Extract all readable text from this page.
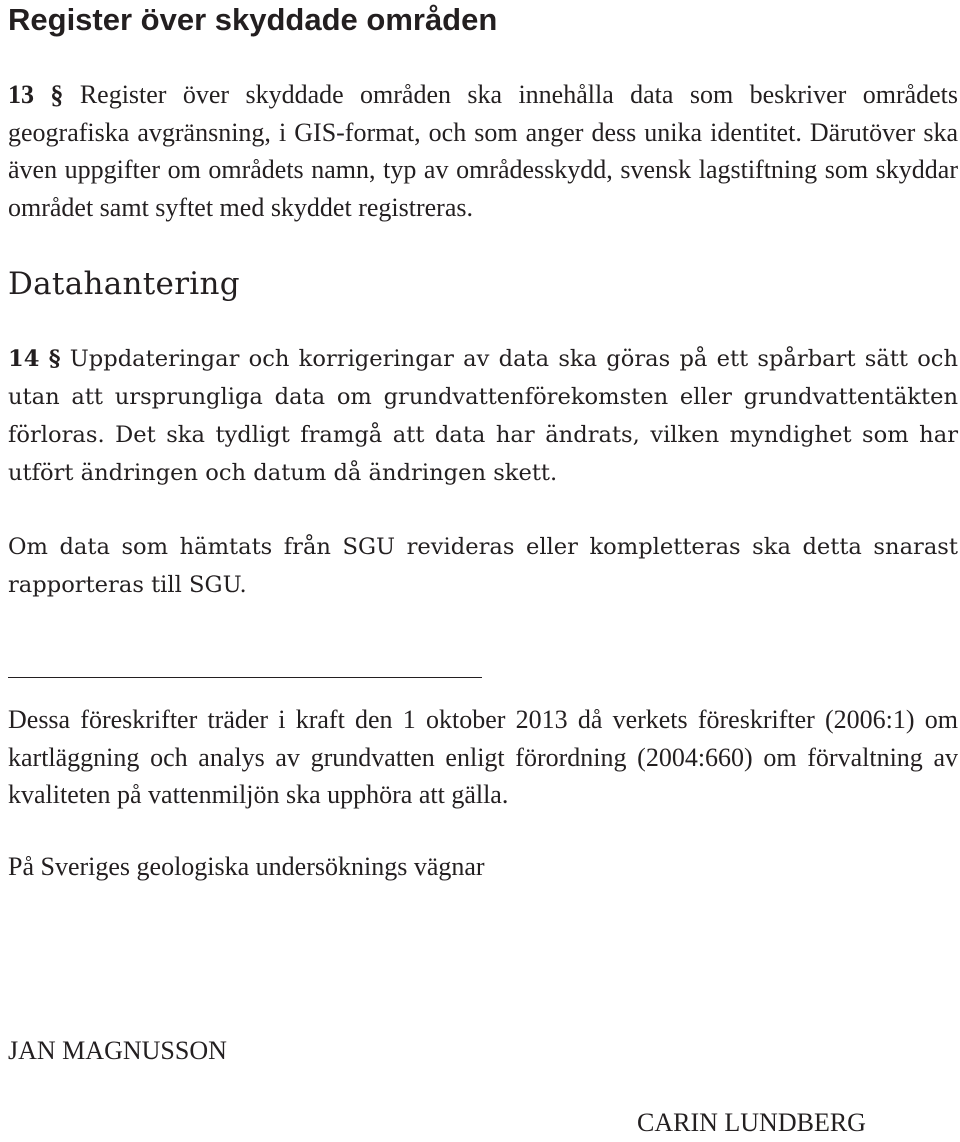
Register över skyddade områden

13 § Register över skyddade områden ska innehålla data som beskriver områdets geografiska avgränsning, i GIS-format, och som anger dess unika identitet. Därutöver ska även uppgifter om områdets namn, typ av områdesskydd, svensk lagstiftning som skyddar området samt syftet med skyddet registreras.

Datahantering

14 § Uppdateringar och korrigeringar av data ska göras på ett spårbart sätt och utan att ursprungliga data om grundvattenförekomsten eller grundvattentäkten förloras. Det ska tydligt framgå att data har ändrats, vilken myndighet som har utfört ändringen och datum då ändringen skett.

Om data som hämtats från SGU revideras eller kompletteras ska detta snarast rapporteras till SGU.

Dessa föreskrifter träder i kraft den 1 oktober 2013 då verkets föreskrifter (2006:1) om kartläggning och analys av grundvatten enligt förordning (2004:660) om förvaltning av kvaliteten på vattenmiljön ska upphöra att gälla.

På Sveriges geologiska undersöknings vägnar

JAN MAGNUSSON

CARIN LUNDBERG
